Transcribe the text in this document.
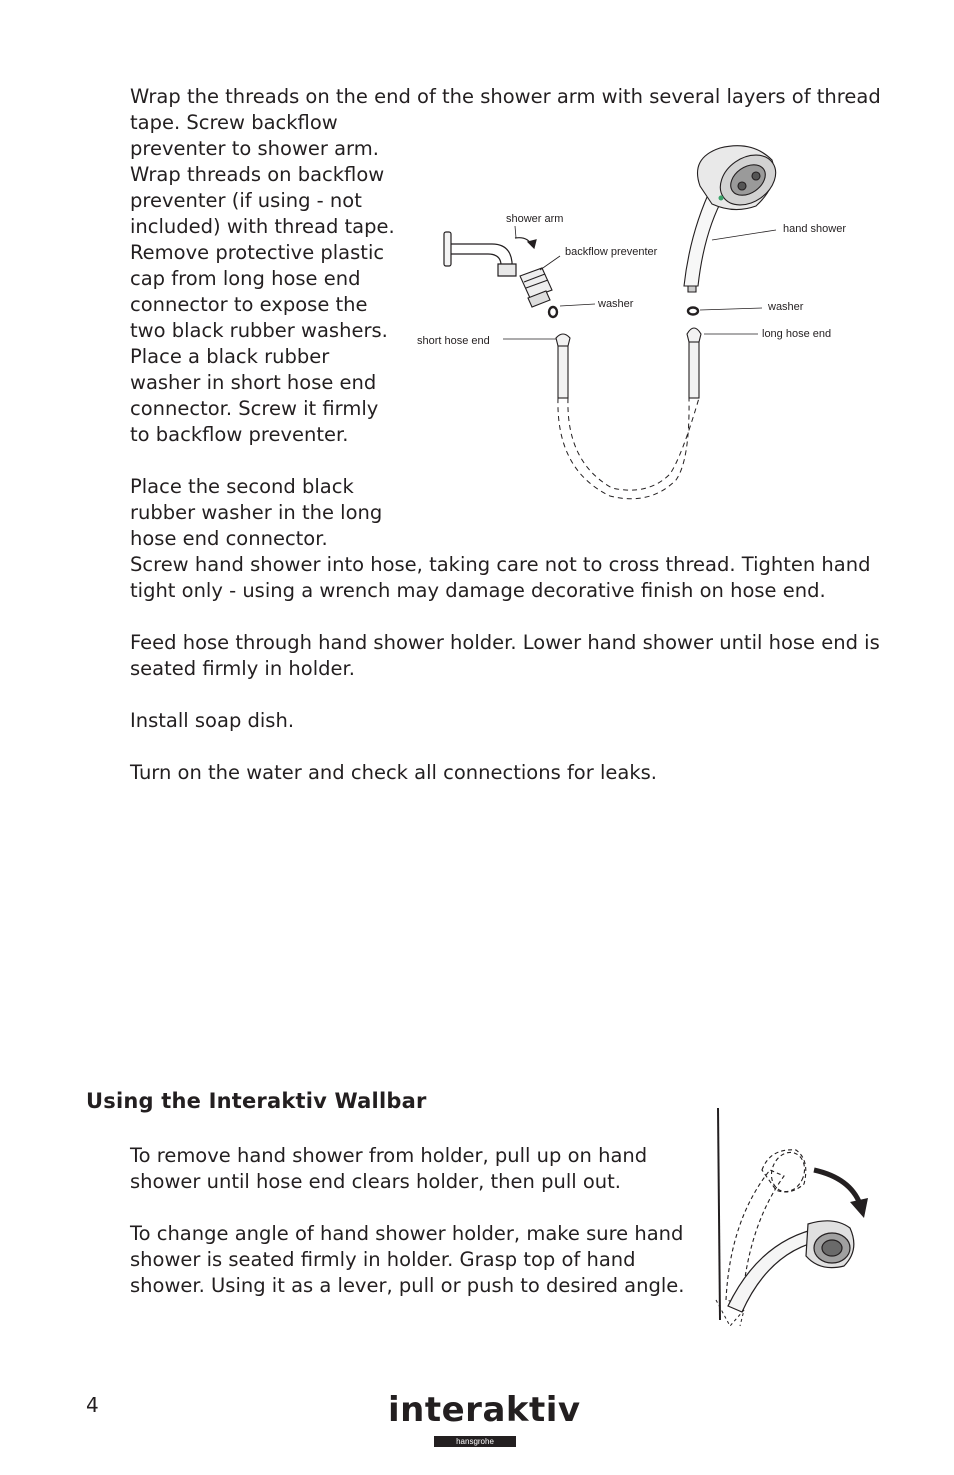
Wrap the threads on the end of the shower arm with several layers of thread

tape. Screw backflow

preventer to shower arm.

Wrap threads on backflow

preventer (if using - not

included) with thread tape.

Remove protective plastic

cap from long hose end

connector to expose the

two black rubber washers.

Place a black rubber

washer in short hose end

connector. Screw it firmly

to backflow preventer.

Place the second black

rubber washer in the long

hose end connector.

Screw hand shower into hose, taking care not to cross thread. Tighten hand

tight only - using a wrench may damage decorative finish on hose end.

Feed hose through hand shower holder. Lower hand shower until hose end is

seated firmly in holder.

Install soap dish.

Turn on the water and check all connections for leaks.

shower arm
backflow preventer
hand shower
washer	washer
short hose end
long hose end
Using the Interaktiv Wallbar

To remove hand shower from holder, pull up on hand

shower until hose end clears holder, then pull out.

To change angle of hand shower holder, make sure hand

shower is seated firmly in holder. Grasp top of hand

shower. Using it as a lever, pull or push to desired angle.

4	interaktiv
hansgrohe
